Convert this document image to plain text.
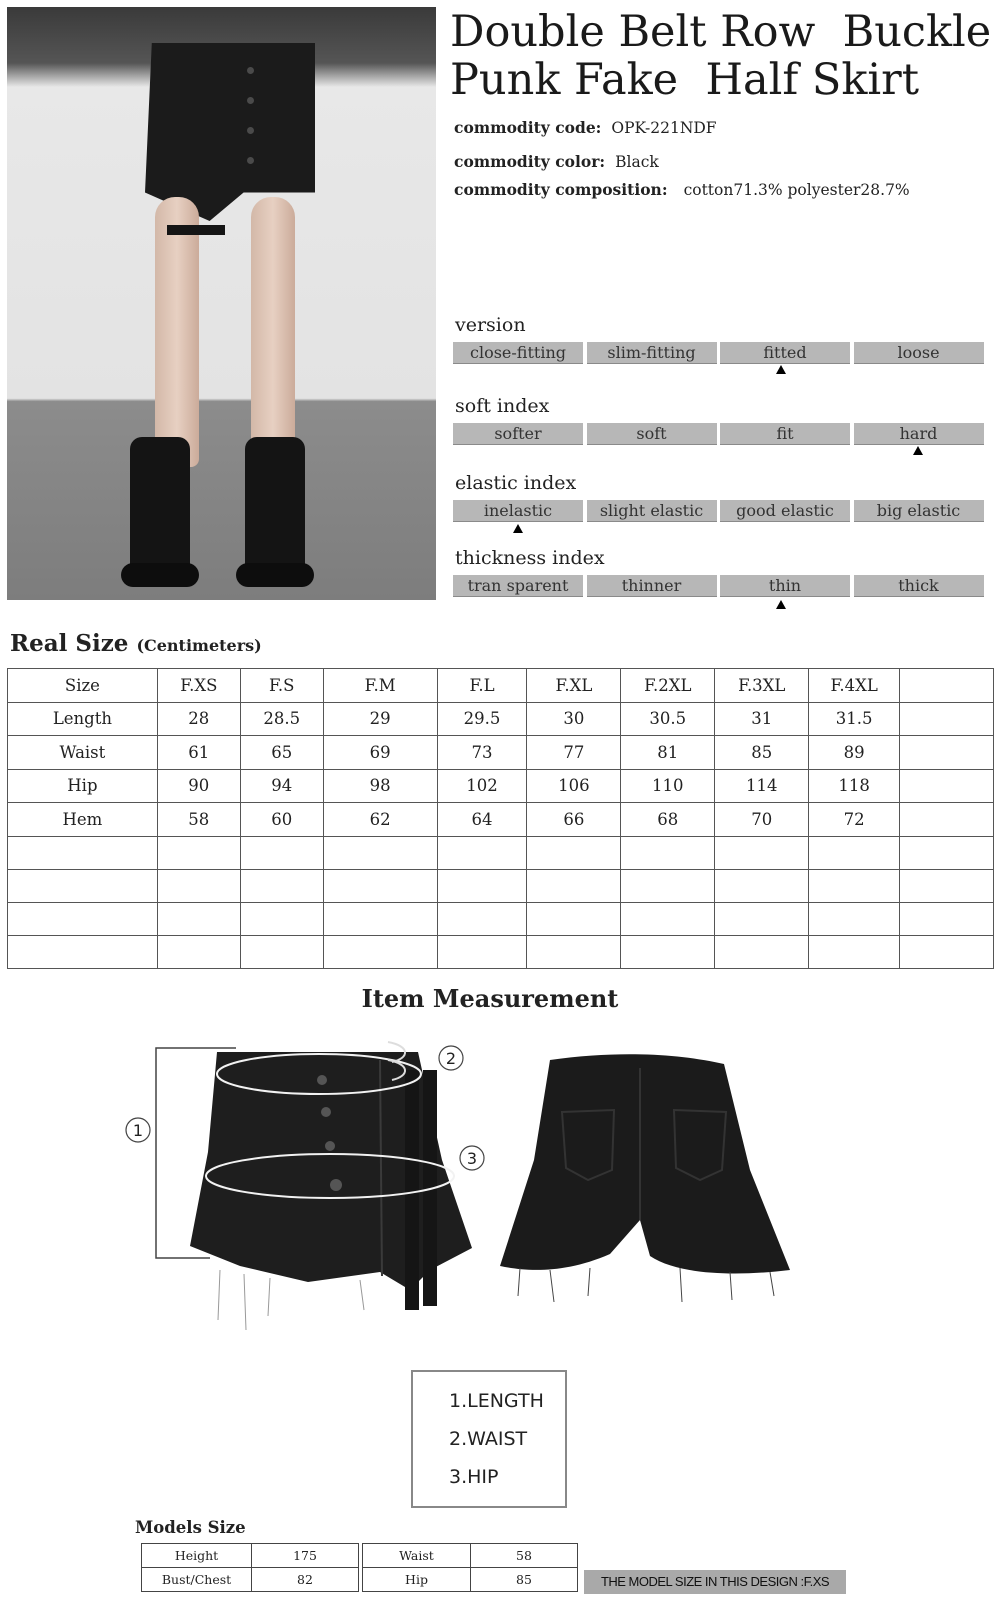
Double Belt Row  Buckle
Punk Fake  Half Skirt
commodity code: OPK-221NDF
commodity color: Black
commodity composition: cotton71.3% polyester28.7%
version
close-fitting	slim-fitting	fitted	loose
soft index
softer	soft	fit	hard
elastic index
inelastic	slight elastic	good elastic	big elastic
thickness index
tran sparent	thinner	thin	thick
Real Size (Centimeters)
Size	F.XS	F.S	F.M	F.L	F.XL	F.2XL	F.3XL	F.4XL	
Length	28	28.5	29	29.5	30	30.5	31	31.5	
Waist	61	65	69	73	77	81	85	89	
Hip	90	94	98	102	106	110	114	118	
Hem	58	60	62	64	66	68	70	72	

Item Measurement
1
2
3
1.LENGTH
2.WAIST
3.HIP
Models Size
Height	175
Bust/Chest	82
Waist	58
Hip	85	THE MODEL SIZE IN THIS DESIGN :F.XS
